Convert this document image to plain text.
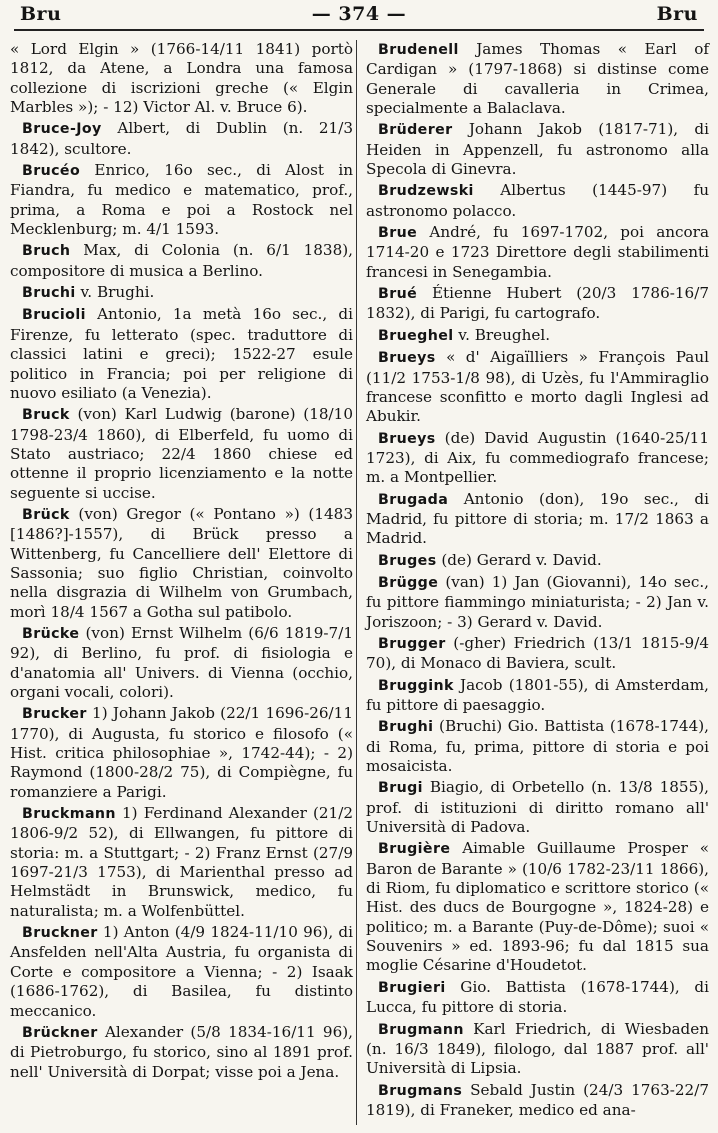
Bru	— 374 —	Bru

« Lord Elgin » (1766-14/11 1841) portò 1812, da Atene, a Londra una famosa collezione di iscrizioni greche (« Elgin Marbles »); - 12) Victor Al. v. Bruce 6).

Bruce-Joy Albert, di Dublin (n. 21/3 1842), scultore.

Brucéo Enrico, 16o sec., di Alost in Fiandra, fu medico e matematico, prof., prima, a Roma e poi a Rostock nel Mecklenburg; m. 4/1 1593.

Bruch Max, di Colonia (n. 6/1 1838), compositore di musica a Berlino.

Bruchi v. Brughi.

Brucioli Antonio, 1a metà 16o sec., di Firenze, fu letterato (spec. traduttore di classici latini e greci); 1522-27 esule politico in Francia; poi per religione di nuovo esiliato (a Venezia).

Bruck (von) Karl Ludwig (barone) (18/10 1798-23/4 1860), di Elberfeld, fu uomo di Stato austriaco; 22/4 1860 chiese ed ottenne il proprio licenziamento e la notte seguente si uccise.

Brück (von) Gregor (« Pontano ») (1483 [1486?]-1557), di Brück presso a Wittenberg, fu Cancelliere dell' Elettore di Sassonia; suo figlio Christian, coinvolto nella disgrazia di Wilhelm von Grumbach, morì 18/4 1567 a Gotha sul patibolo.

Brücke (von) Ernst Wilhelm (6/6 1819-7/1 92), di Berlino, fu prof. di fisiologia e d'anatomia all' Univers. di Vienna (occhio, organi vocali, colori).

Brucker 1) Johann Jakob (22/1 1696-26/11 1770), di Augusta, fu storico e filosofo (« Hist. critica philosophiae », 1742-44); - 2) Raymond (1800-28/2 75), di Compiègne, fu romanziere a Parigi.

Bruckmann 1) Ferdinand Alexander (21/2 1806-9/2 52), di Ellwangen, fu pittore di storia: m. a Stuttgart; - 2) Franz Ernst (27/9 1697-21/3 1753), di Marienthal presso ad Helmstädt in Brunswick, medico, fu naturalista; m. a Wolfenbüttel.

Bruckner 1) Anton (4/9 1824-11/10 96), di Ansfelden nell'Alta Austria, fu organista di Corte e compositore a Vienna; - 2) Isaak (1686-1762), di Basilea, fu distinto meccanico.

Brückner Alexander (5/8 1834-16/11 96), di Pietroburgo, fu storico, sino al 1891 prof. nell' Università di Dorpat; visse poi a Jena.

Brudenell James Thomas « Earl of Cardigan » (1797-1868) si distinse come Generale di cavalleria in Crimea, specialmente a Balaclava.

Brüderer Johann Jakob (1817-71), di Heiden in Appenzell, fu astronomo alla Specola di Ginevra.

Brudzewski Albertus (1445-97) fu astronomo polacco.

Brue André, fu 1697-1702, poi ancora 1714-20 e 1723 Direttore degli stabilimenti francesi in Senegambia.

Brué Étienne Hubert (20/3 1786-16/7 1832), di Parigi, fu cartografo.

Brueghel v. Breughel.

Brueys « d' Aigaïlliers » François Paul (11/2 1753-1/8 98), di Uzès, fu l'Ammiraglio francese sconfitto e morto dagli Inglesi ad Abukir.

Brueys (de) David Augustin (1640-25/11 1723), di Aix, fu commediografo francese; m. a Montpellier.

Brugada Antonio (don), 19o sec., di Madrid, fu pittore di storia; m. 17/2 1863 a Madrid.

Bruges (de) Gerard v. David.

Brügge (van) 1) Jan (Giovanni), 14o sec., fu pittore fiammingo miniaturista; - 2) Jan v. Joriszoon; - 3) Gerard v. David.

Brugger (-gher) Friedrich (13/1 1815-9/4 70), di Monaco di Baviera, scult.

Bruggink Jacob (1801-55), di Amsterdam, fu pittore di paesaggio.

Brughi (Bruchi) Gio. Battista (1678-1744), di Roma, fu, prima, pittore di storia e poi mosaicista.

Brugi Biagio, di Orbetello (n. 13/8 1855), prof. di istituzioni di diritto romano all' Università di Padova.

Brugière Aimable Guillaume Prosper « Baron de Barante » (10/6 1782-23/11 1866), di Riom, fu diplomatico e scrittore storico (« Hist. des ducs de Bourgogne », 1824-28) e politico; m. a Barante (Puy-de-Dôme); suoi « Souvenirs » ed. 1893-96; fu dal 1815 sua moglie Césarine d'Houdetot.

Brugieri Gio. Battista (1678-1744), di Lucca, fu pittore di storia.

Brugmann Karl Friedrich, di Wiesbaden (n. 16/3 1849), filologo, dal 1887 prof. all' Università di Lipsia.

Brugmans Sebald Justin (24/3 1763-22/7 1819), di Franeker, medico ed ana-
